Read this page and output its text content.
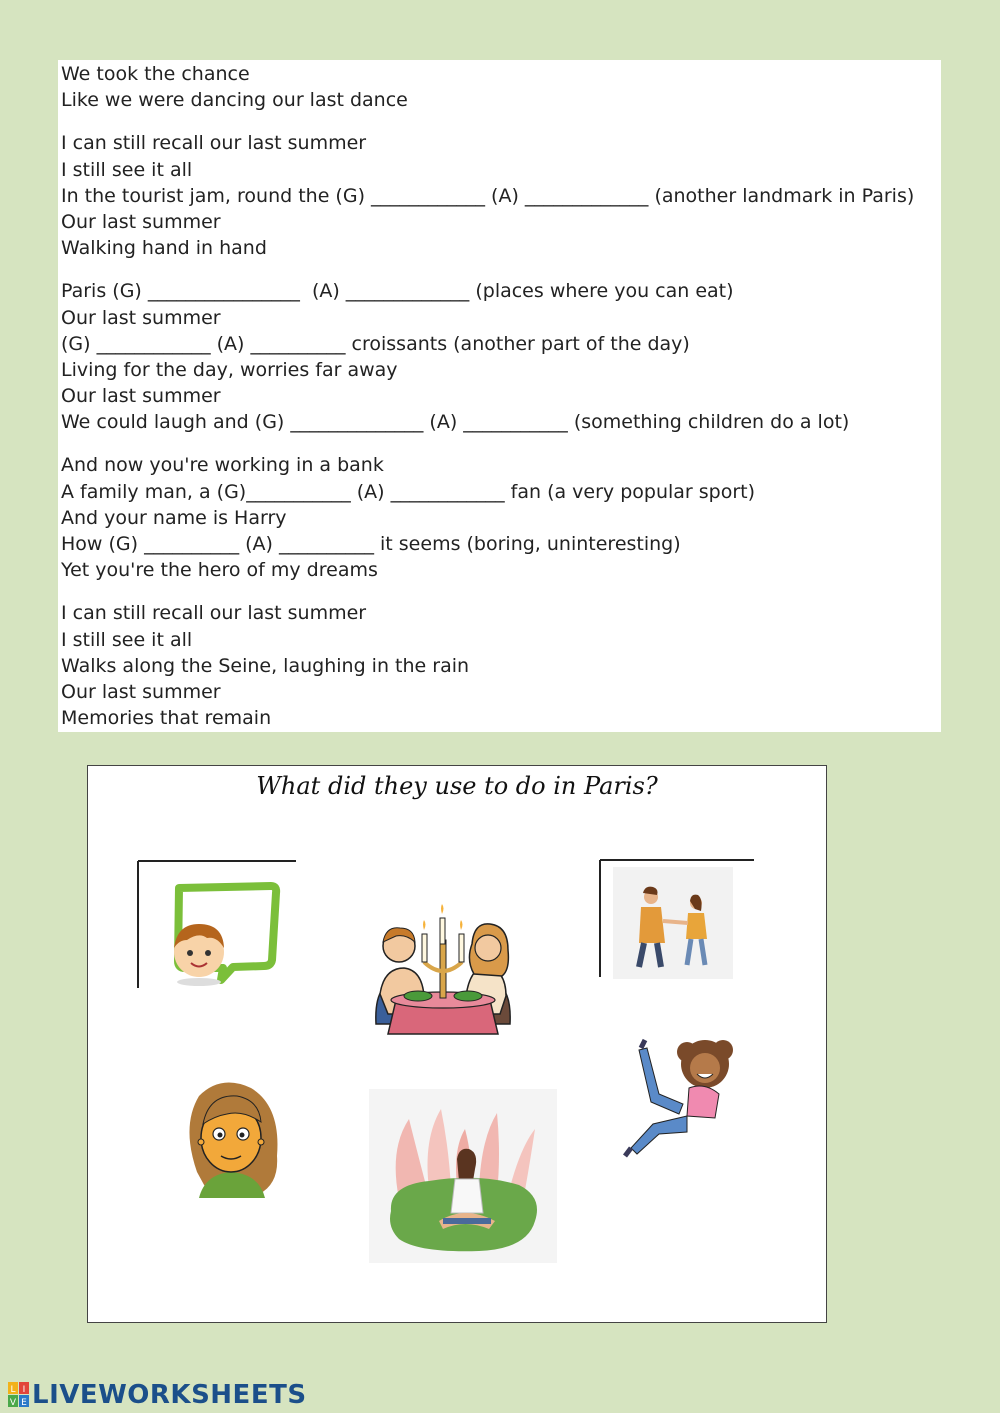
We took the chance
Like we were dancing our last dance
I can still recall our last summer
I still see it all
In the tourist jam, round the (G) ____________ (A) _____________ (another landmark in Paris)
Our last summer
Walking hand in hand
Paris (G) ________________  (A) _____________ (places where you can eat)
Our last summer
(G) ____________ (A) __________ croissants (another part of the day)
Living for the day, worries far away
Our last summer
We could laugh and (G) ______________ (A) ___________ (something children do a lot)
And now you're working in a bank
A family man, a (G)___________ (A) ____________ fan (a very popular sport)
And your name is Harry
How (G) __________ (A) __________ it seems (boring, uninteresting)
Yet you're the hero of my dreams
I can still recall our last summer
I still see it all
Walks along the Seine, laughing in the rain
Our last summer
Memories that remain
What did they use to do in Paris?
L I
V E LIVEWORKSHEETS
